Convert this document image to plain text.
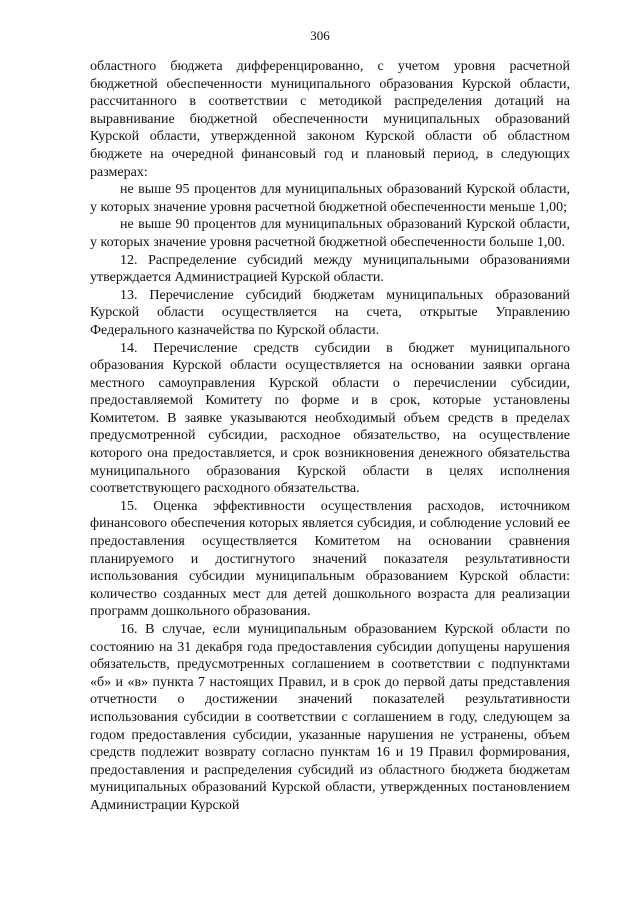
306

областного бюджета дифференцированно, с учетом уровня расчетной бюджетной обеспеченности муниципального образования Курской области, рассчитанного в соответствии с методикой распределения дотаций на выравнивание бюджетной обеспеченности муниципальных образований Курской области, утвержденной законом Курской области об областном бюджете на очередной финансовый год и плановый период, в следующих размерах:

не выше 95 процентов для муниципальных образований Курской области, у которых значение уровня расчетной бюджетной обеспеченности меньше 1,00;

не выше 90 процентов для муниципальных образований Курской области, у которых значение уровня расчетной бюджетной обеспеченности больше 1,00.

12. Распределение субсидий между муниципальными образованиями утверждается Администрацией Курской области.

13. Перечисление субсидий бюджетам муниципальных образований Курской области осуществляется на счета, открытые Управлению Федерального казначейства по Курской области.

14. Перечисление средств субсидии в бюджет муниципального образования Курской области осуществляется на основании заявки органа местного самоуправления Курской области о перечислении субсидии, предоставляемой Комитету по форме и в срок, которые установлены Комитетом. В заявке указываются необходимый объем средств в пределах предусмотренной субсидии, расходное обязательство, на осуществление которого она предоставляется, и срок возникновения денежного обязательства муниципального образования Курской области в целях исполнения соответствующего расходного обязательства.

15. Оценка эффективности осуществления расходов, источником финансового обеспечения которых является субсидия, и соблюдение условий ее предоставления осуществляется Комитетом на основании сравнения планируемого и достигнутого значений показателя результативности использования субсидии муниципальным образованием Курской области: количество созданных мест для детей дошкольного возраста для реализации программ дошкольного образования.

16. В случае, если муниципальным образованием Курской области по состоянию на 31 декабря года предоставления субсидии допущены нарушения обязательств, предусмотренных соглашением в соответствии с подпунктами «б» и «в» пункта 7 настоящих Правил, и в срок до первой даты представления отчетности о достижении значений показателей результативности использования субсидии в соответствии с соглашением в году, следующем за годом предоставления субсидии, указанные нарушения не устранены, объем средств подлежит возврату согласно пунктам 16 и 19 Правил формирования, предоставления и распределения субсидий из областного бюджета бюджетам муниципальных образований Курской области, утвержденных постановлением Администрации Курской
